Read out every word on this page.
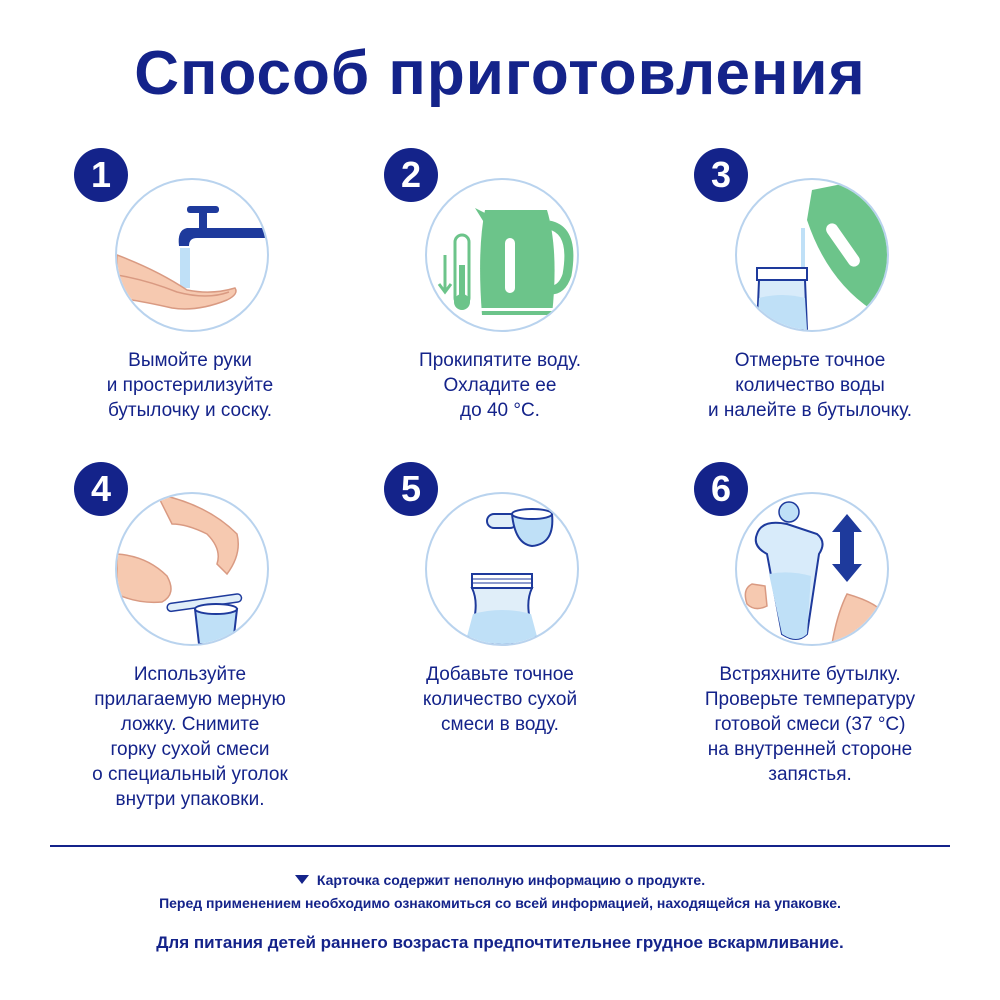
Способ приготовления
1
Вымойте руки
и простерилизуйте
бутылочку и соску.
2
Прокипятите воду.
Охладите ее
до 40 °С.
3
Отмерьте точное
количество воды
и налейте в бутылочку.
4
Используйте
прилагаемую мерную
ложку. Снимите
горку сухой смеси
о специальный уголок
внутри упаковки.
5
Добавьте точное
количество сухой
смеси в воду.
6
Встряхните бутылку.
Проверьте температуру
готовой смеси (37 °С)
на внутренней стороне
запястья.
Карточка содержит неполную информацию о продукте.
Перед применением необходимо ознакомиться со всей информацией, находящейся на упаковке.
Для питания детей раннего возраста предпочтительнее грудное вскармливание.
